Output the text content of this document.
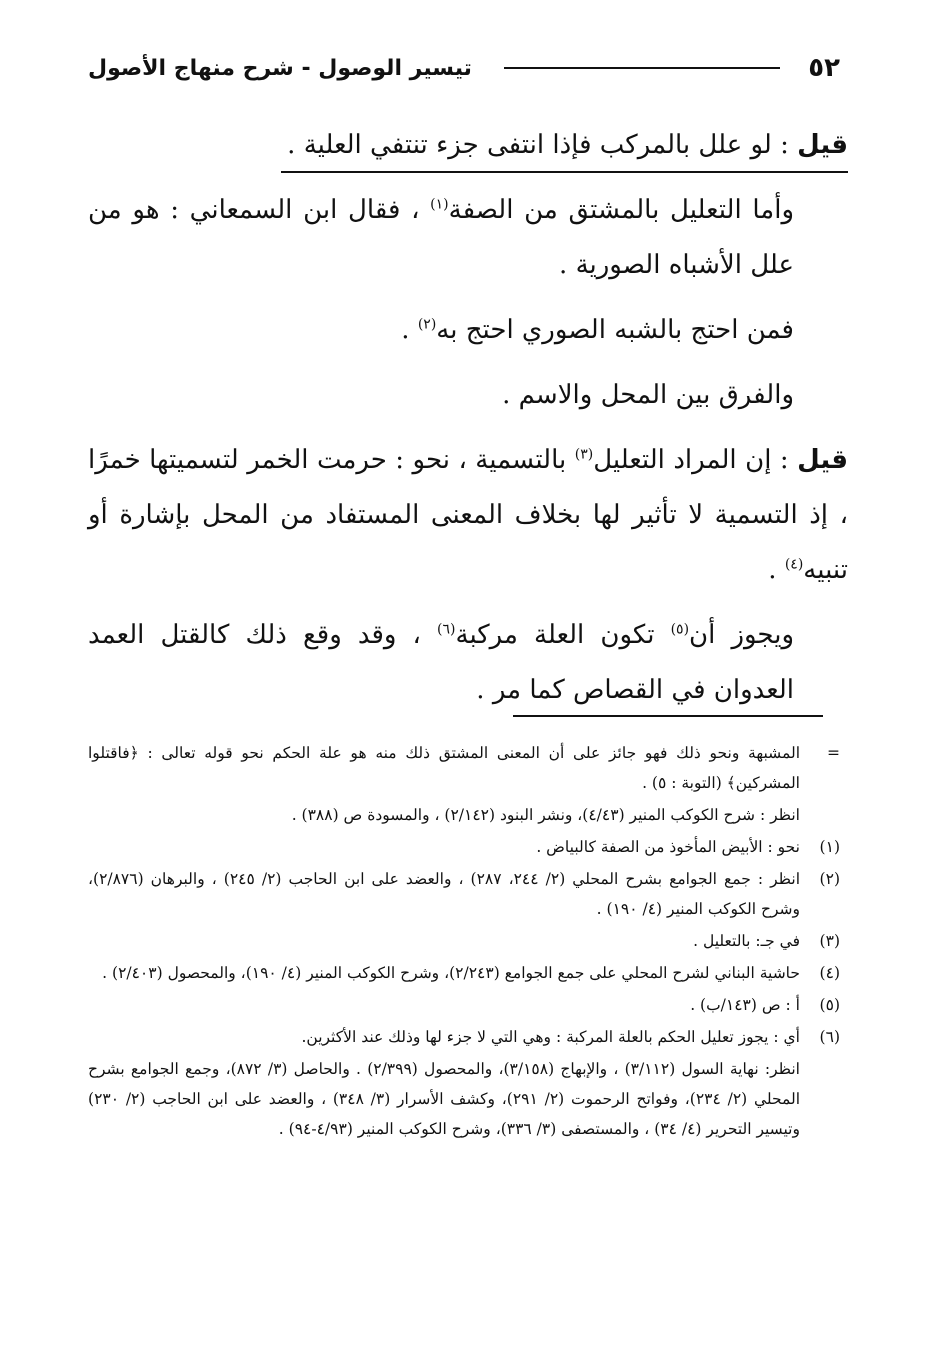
٥٢
تيسير الوصول - شرح منهاج الأصول

قيل : لو علل بالمركب فإذا انتفى جزء تنتفي العلية .

وأما التعليل بالمشتق من الصفة$^{(١)}$ ، فقال ابن السمعاني : هو من علل الأشباه الصورية .

فمن احتج بالشبه الصوري احتج به$^{(٢)}$ .

والفرق بين المحل والاسم .

قيل : إن المراد التعليل$^{(٣)}$ بالتسمية ، نحو : حرمت الخمر لتسميتها خمرًا ، إذ التسمية لا تأثير لها بخلاف المعنى المستفاد من المحل بإشارة أو تنبيه$^{(٤)}$ .

ويجوز أن$^{(٥)}$ تكون العلة مركبة$^{(٦)}$ ، وقد وقع ذلك كالقتل العمد العدوان في القصاص كما مر .

=
المشبهة ونحو ذلك فهو جائز على أن المعنى المشتق ذلك منه هو علة الحكم نحو قوله تعالى : ﴿فاقتلوا المشركين﴾ (التوبة : ٥) .
انظر : شرح الكوكب المنير (٤/٤٣)، ونشر البنود (٢/١٤٢) ، والمسودة ص (٣٨٨) .
(١)
نحو : الأبيض المأخوذ من الصفة كالبياض .
(٢)
انظر : جمع الجوامع بشرح المحلي (٢/ ٢٤٤، ٢٨٧) ، والعضد على ابن الحاجب (٢/ ٢٤٥) ، والبرهان (٢/٨٧٦)، وشرح الكوكب المنير (٤/ ١٩٠) .
(٣)
في جـ: بالتعليل .
(٤)
حاشية البناني لشرح المحلي على جمع الجوامع (٢/٢٤٣)، وشرح الكوكب المنير (٤/ ١٩٠)، والمحصول (٢/٤٠٣) .
(٥)
أ : ص (١٤٣/ب) .
(٦)
أي : يجوز تعليل الحكم بالعلة المركبة : وهي التي لا جزء لها وذلك عند الأكثرين.
انظر: نهاية السول (٣/١١٢) ، والإبهاج (٣/١٥٨)، والمحصول (٢/٣٩٩) . والحاصل (٣/ ٨٧٢)، وجمع الجوامع بشرح المحلي (٢/ ٢٣٤)، وفواتح الرحموت (٢/ ٢٩١)، وكشف الأسرار (٣/ ٣٤٨) ، والعضد على ابن الحاجب (٢/ ٢٣٠) وتيسير التحرير (٤/ ٣٤) ، والمستصفى (٣/ ٣٣٦)، وشرح الكوكب المنير (٤/٩٣-٩٤) .
